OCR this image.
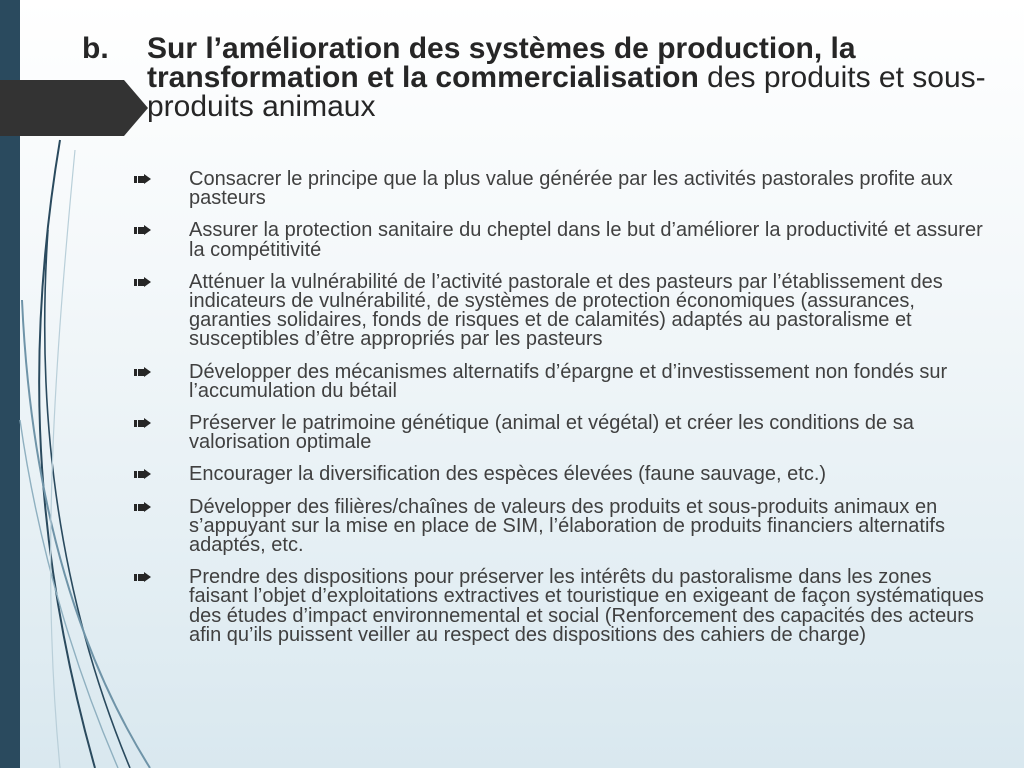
b. Sur l’amélioration des systèmes de production, la transformation et la commercialisation des produits et sous-produits animaux
Consacrer le principe que la plus value générée par les activités pastorales profite aux pasteurs
Assurer la protection sanitaire du cheptel dans le but d’améliorer la productivité et assurer la compétitivité
Atténuer la vulnérabilité de l’activité pastorale et des pasteurs par l’établissement des indicateurs de vulnérabilité, de systèmes de protection économiques (assurances, garanties solidaires, fonds de risques et de calamités) adaptés au pastoralisme et susceptibles d’être appropriés par les pasteurs
Développer des mécanismes alternatifs d’épargne et d’investissement non fondés sur l’accumulation du bétail
Préserver le patrimoine génétique (animal et végétal) et créer les conditions de sa valorisation optimale
Encourager la diversification des espèces élevées (faune sauvage, etc.)
Développer des filières/chaînes de valeurs des produits et sous-produits animaux en s’appuyant sur la mise en place de SIM, l’élaboration de produits financiers alternatifs adaptés, etc.
Prendre des dispositions pour préserver les intérêts du pastoralisme dans les zones faisant l’objet d’exploitations extractives et touristique en exigeant de façon systématiques des études d’impact environnemental et social (Renforcement des capacités des acteurs afin qu’ils puissent veiller au respect des dispositions des cahiers de charge)
